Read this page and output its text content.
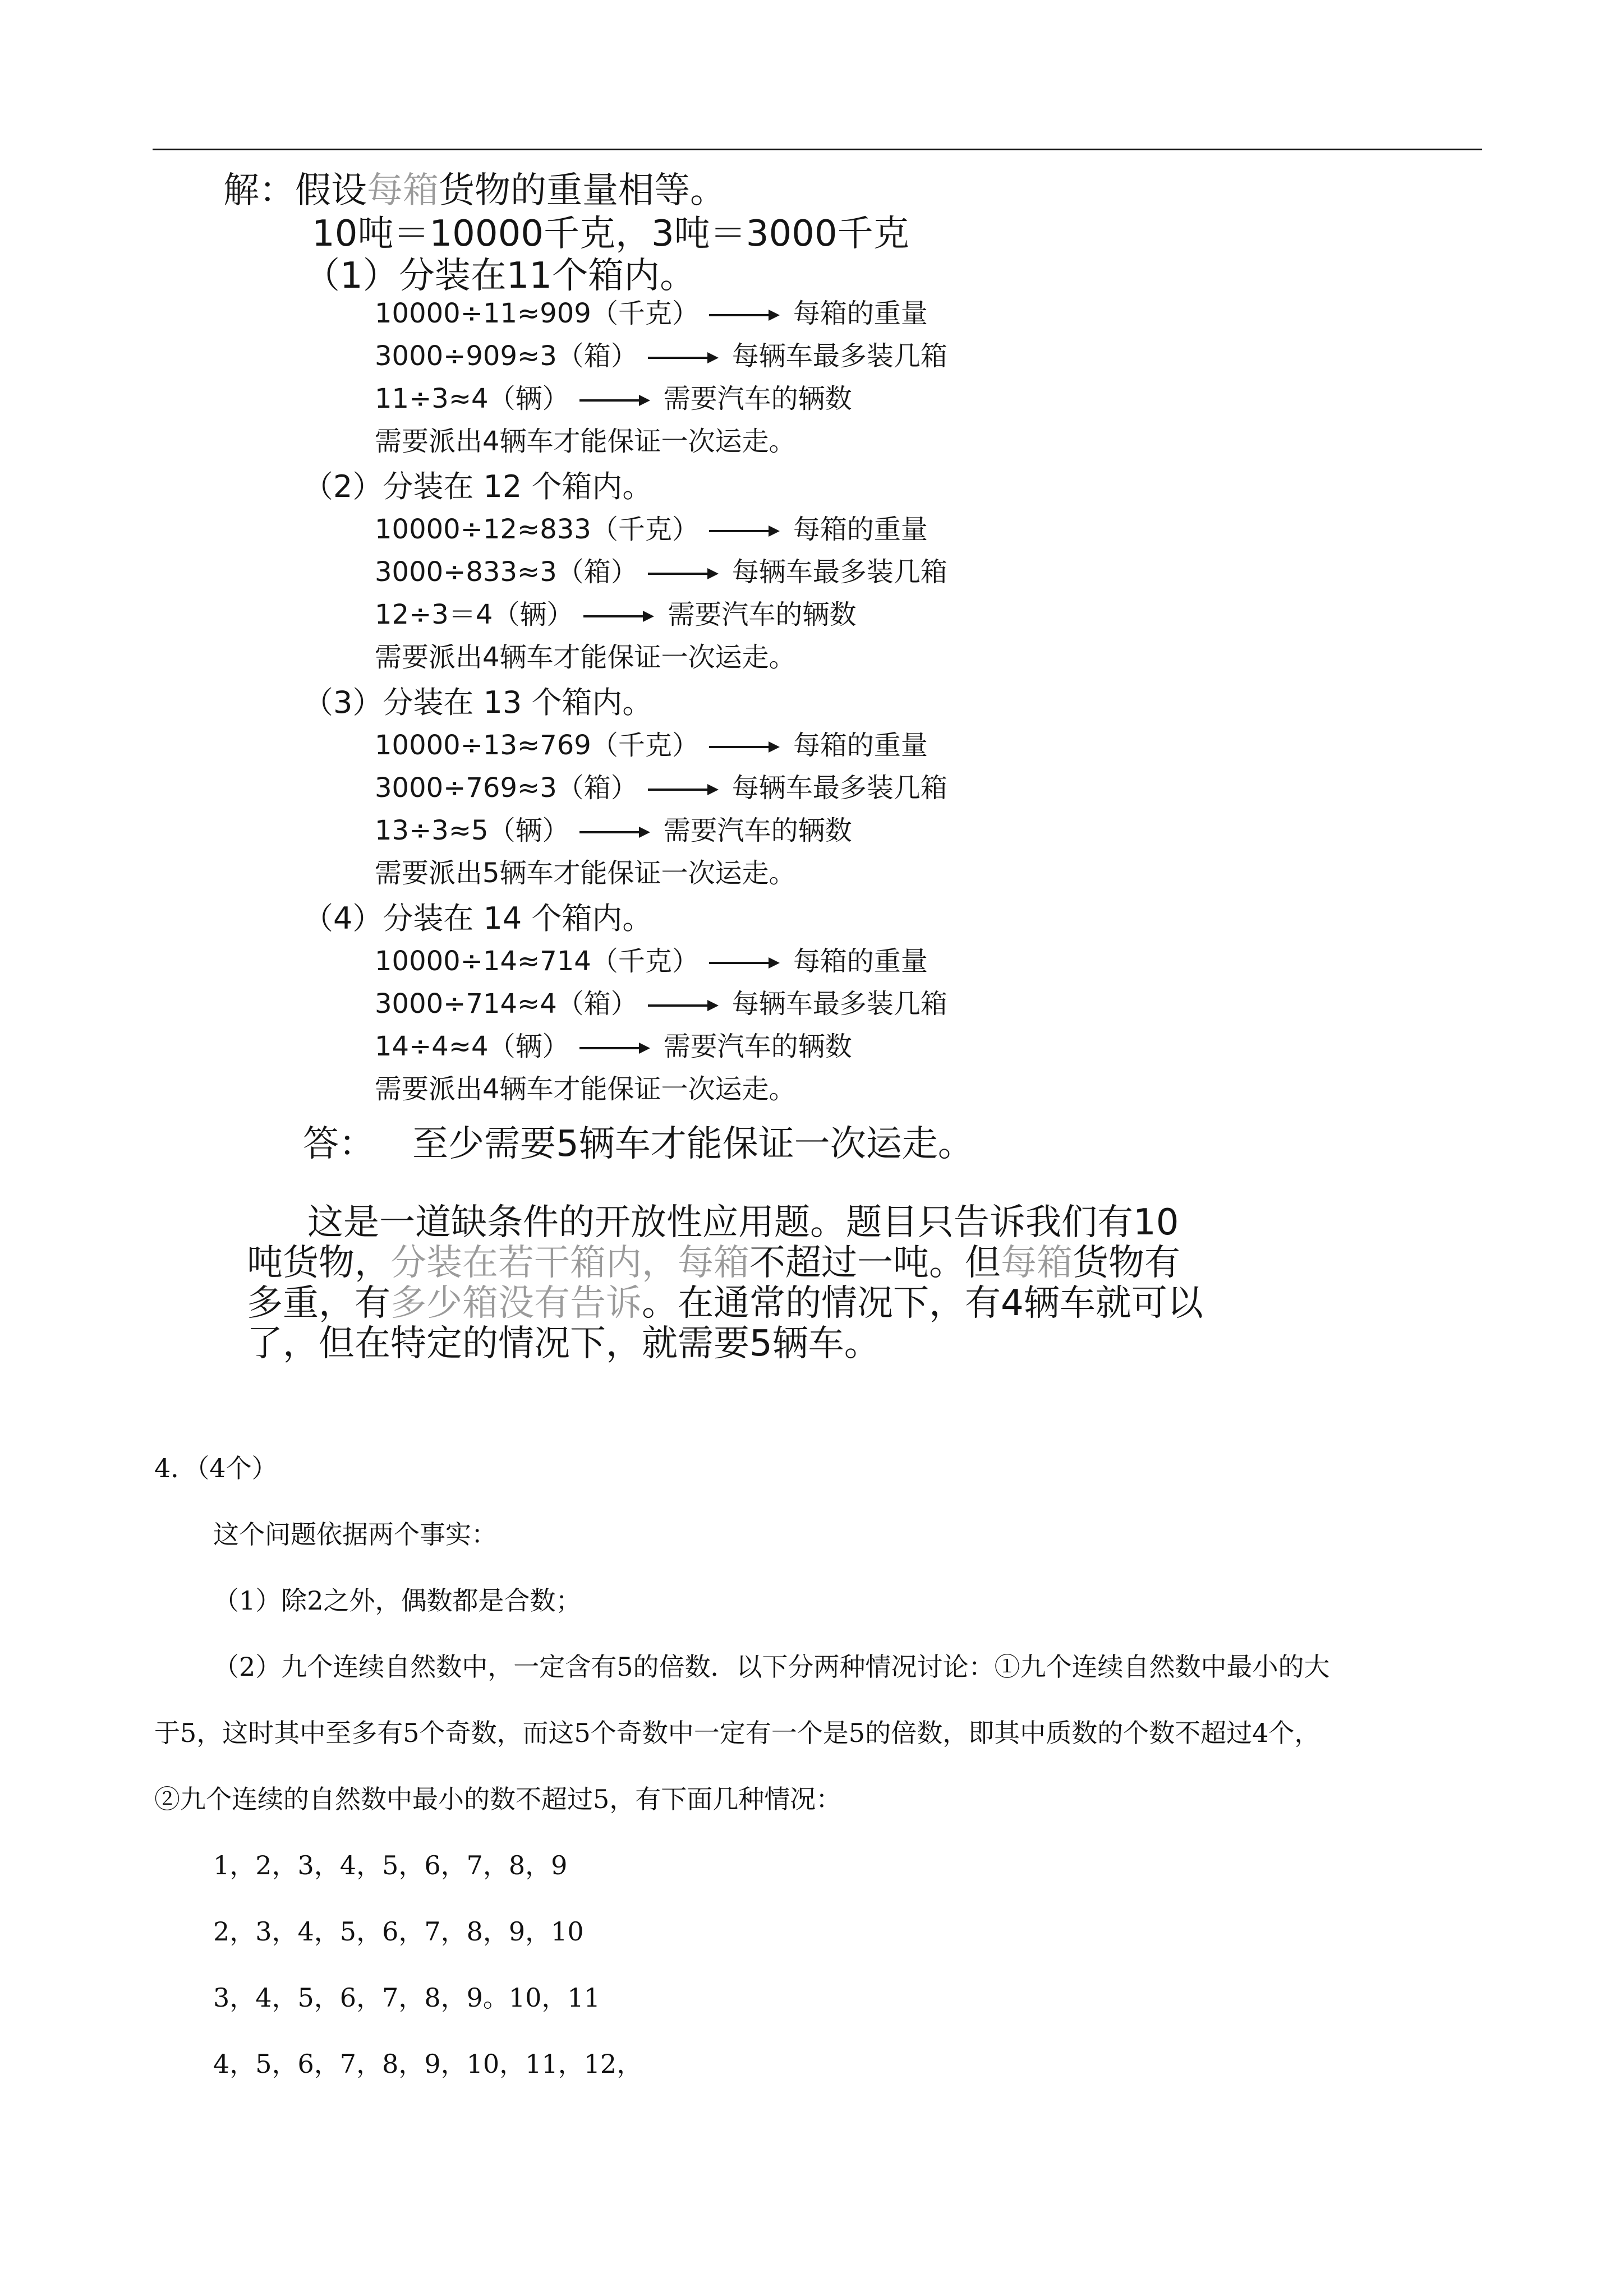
解：假设每箱货物的重量相等。
10吨＝10000千克，3吨＝3000千克
（1）分装在11个箱内。
10000÷11≈909（千克）	每箱的重量
3000÷909≈3（箱）	每辆车最多装几箱
11÷3≈4（辆）	需要汽车的辆数
需要派出4辆车才能保证一次运走。
（2）分装在 12 个箱内。
10000÷12≈833（千克）	每箱的重量
3000÷833≈3（箱）	每辆车最多装几箱
12÷3＝4（辆）	需要汽车的辆数
需要派出4辆车才能保证一次运走。
（3）分装在 13 个箱内。
10000÷13≈769（千克）	每箱的重量
3000÷769≈3（箱）	每辆车最多装几箱
13÷3≈5（辆）	需要汽车的辆数
需要派出5辆车才能保证一次运走。
（4）分装在 14 个箱内。
10000÷14≈714（千克）	每箱的重量
3000÷714≈4（箱）	每辆车最多装几箱
14÷4≈4（辆）	需要汽车的辆数
需要派出4辆车才能保证一次运走。
答： 至少需要5辆车才能保证一次运走。
这是一道缺条件的开放性应用题。题目只告诉我们有10
吨货物，分装在若干箱内，每箱不超过一吨。但每箱货物有
多重，有多少箱没有告诉。在通常的情况下，有4辆车就可以
了，但在特定的情况下，就需要5辆车。
4．（4个）
这个问题依据两个事实：
（1）除2之外，偶数都是合数；
（2）九个连续自然数中，一定含有5的倍数．以下分两种情况讨论：①九个连续自然数中最小的大
于5，这时其中至多有5个奇数，而这5个奇数中一定有一个是5的倍数，即其中质数的个数不超过4个，
②九个连续的自然数中最小的数不超过5，有下面几种情况：
1，2，3，4，5，6，7，8，9
2，3，4，5，6，7，8，9，10
3，4，5，6，7，8，9。10，11
4，5，6，7，8，9，10，11，12，
